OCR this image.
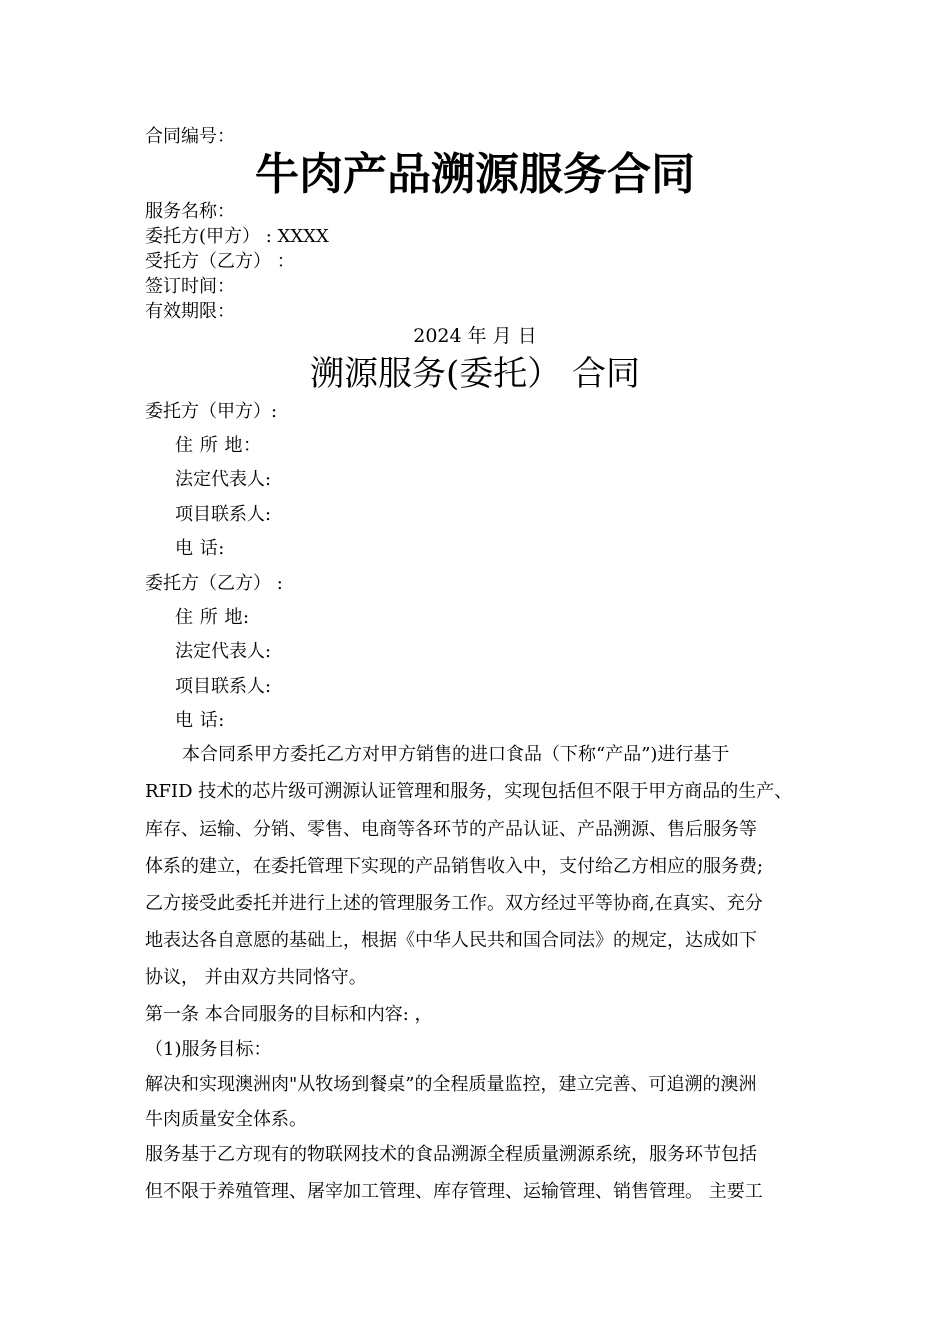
合同编号：
牛肉产品溯源服务合同
服务名称：
委托方(甲方） : XXXX
受托方（乙方） ：
签订时间：
有效期限：
2024 年 月 日
溯源服务(委托） 合同
委托方（甲方）:
住 所 地：
法定代表人:
项目联系人:
电 话:
委托方（乙方） :
住 所 地:
法定代表人:
项目联系人:
电 话:
本合同系甲方委托乙方对甲方销售的进口食品（下称“产品”)进行基于
RFID 技术的芯片级可溯源认证管理和服务，实现包括但不限于甲方商品的生产、
库存、运输、分销、零售、电商等各环节的产品认证、产品溯源、售后服务等
体系的建立，在委托管理下实现的产品销售收入中，支付给乙方相应的服务费;
乙方接受此委托并进行上述的管理服务工作。双方经过平等协商,在真实、充分
地表达各自意愿的基础上，根据《中华人民共和国合同法》的规定，达成如下
协议， 并由双方共同恪守。
第一条 本合同服务的目标和内容: ，
（1)服务目标：
解决和实现澳洲肉"从牧场到餐桌”的全程质量监控，建立完善、可追溯的澳洲
牛肉质量安全体系。
服务基于乙方现有的物联网技术的食品溯源全程质量溯源系统，服务环节包括
但不限于养殖管理、屠宰加工管理、库存管理、运输管理、销售管理。 主要工
